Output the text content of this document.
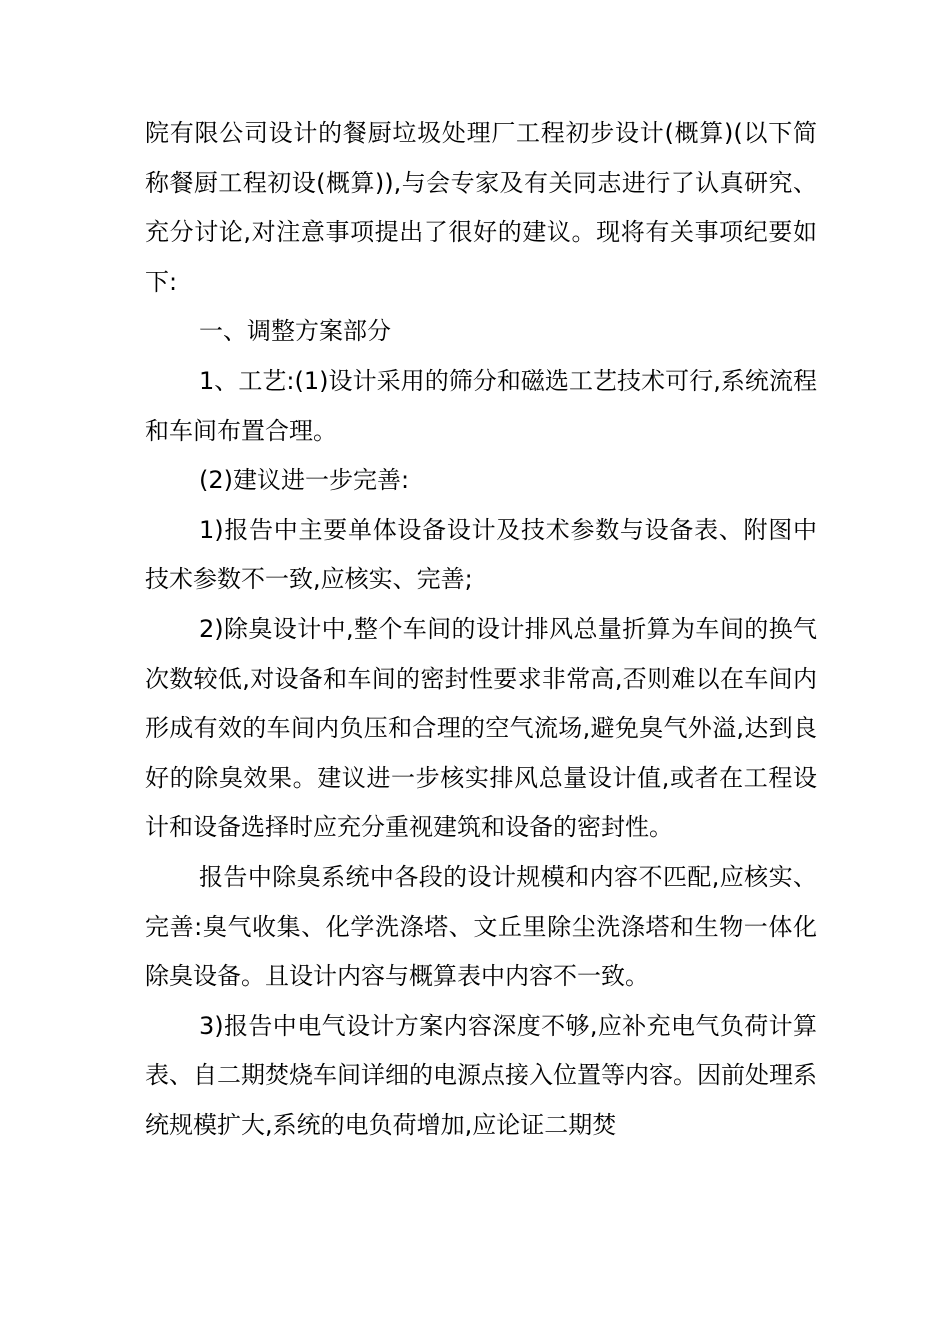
院有限公司设计的餐厨垃圾处理厂工程初步设计(概算)(以下简称餐厨工程初设(概算)),与会专家及有关同志进行了认真研究、充分讨论,对注意事项提出了很好的建议。现将有关事项纪要如下:

一、调整方案部分

1、工艺:(1)设计采用的筛分和磁选工艺技术可行,系统流程和车间布置合理。

(2)建议进一步完善:

1)报告中主要单体设备设计及技术参数与设备表、附图中技术参数不一致,应核实、完善;

2)除臭设计中,整个车间的设计排风总量折算为车间的换气次数较低,对设备和车间的密封性要求非常高,否则难以在车间内形成有效的车间内负压和合理的空气流场,避免臭气外溢,达到良好的除臭效果。建议进一步核实排风总量设计值,或者在工程设计和设备选择时应充分重视建筑和设备的密封性。

报告中除臭系统中各段的设计规模和内容不匹配,应核实、完善:臭气收集、化学洗涤塔、文丘里除尘洗涤塔和生物一体化除臭设备。且设计内容与概算表中内容不一致。

3)报告中电气设计方案内容深度不够,应补充电气负荷计算表、自二期焚烧车间详细的电源点接入位置等内容。因前处理系统规模扩大,系统的电负荷增加,应论证二期焚
